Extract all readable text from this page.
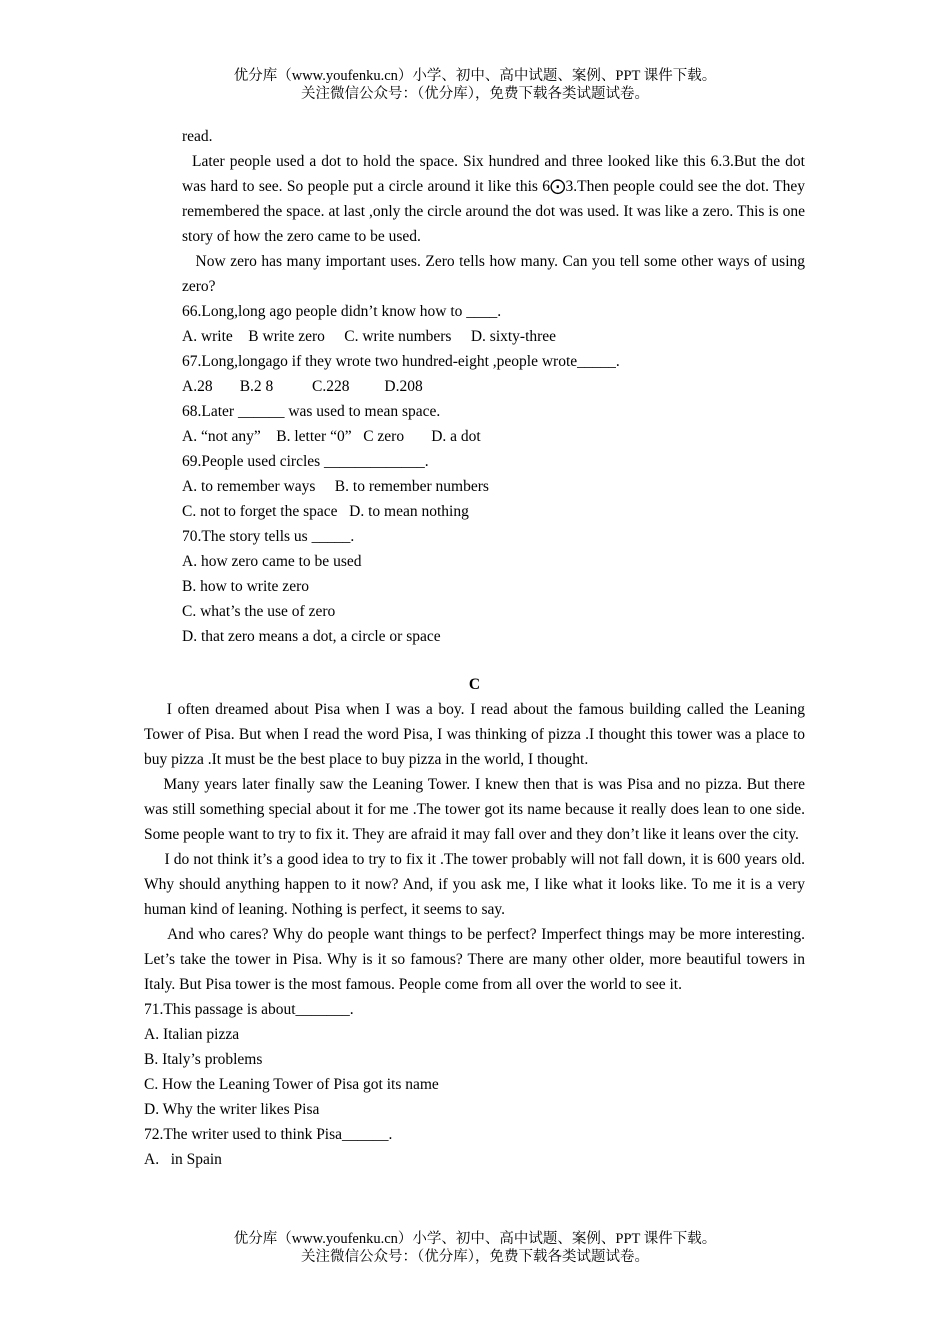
优分库（www.youfenku.cn）小学、初中、高中试题、案例、PPT 课件下载。
关注微信公众号：（优分库），免费下载各类试题试卷。
read.
Later people used a dot to hold the space. Six hundred and three looked like this 6.3.But the dot was hard to see. So people put a circle around it like this 6⨀3.Then people could see the dot. They remembered the space. at last ,only the circle around the dot was used. It was like a zero. This is one story of how the zero came to be used.
Now zero has many important uses. Zero tells how many. Can you tell some other ways of using zero?
66.Long,long ago people didn’t know how to ____.
A. write    B write zero     C. write numbers     D. sixty-three
67.Long,longago if they wrote two hundred-eight ,people wrote_____.
A.28       B.2 8          C.228         D.208
68.Later ______ was used to mean space.
A. “not any”    B. letter “0”   C zero       D. a dot
69.People used circles _____________.
A. to remember ways     B. to remember numbers
C. not to forget the space   D. to mean nothing
70.The story tells us _____.
A. how zero came to be used
B. how to write zero
C. what’s the use of zero
D. that zero means a dot, a circle or space
C
I often dreamed about Pisa when I was a boy. I read about the famous building called the Leaning Tower of Pisa. But when I read the word Pisa, I was thinking of pizza .I thought this tower was a place to buy pizza .It must be the best place to buy pizza in the world, I thought.
Many years later finally saw the Leaning Tower. I knew then that is was Pisa and no pizza. But there was still something special about it for me .The tower got its name because it really does lean to one side. Some people want to try to fix it. They are afraid it may fall over and they don’t like it leans over the city.
I do not think it’s a good idea to try to fix it .The tower probably will not fall down, it is 600 years old. Why should anything happen to it now? And, if you ask me, I like what it looks like. To me it is a very human kind of leaning. Nothing is perfect, it seems to say.
And who cares? Why do people want things to be perfect? Imperfect things may be more interesting. Let’s take the tower in Pisa. Why is it so famous? There are many other older, more beautiful towers in Italy. But Pisa tower is the most famous. People come from all over the world to see it.
71.This passage is about_______.
A. Italian pizza
B. Italy’s problems
C. How the Leaning Tower of Pisa got its name
D. Why the writer likes Pisa
72.The writer used to think Pisa______.
A.   in Spain
优分库（www.youfenku.cn）小学、初中、高中试题、案例、PPT 课件下载。
关注微信公众号：（优分库），免费下载各类试题试卷。
